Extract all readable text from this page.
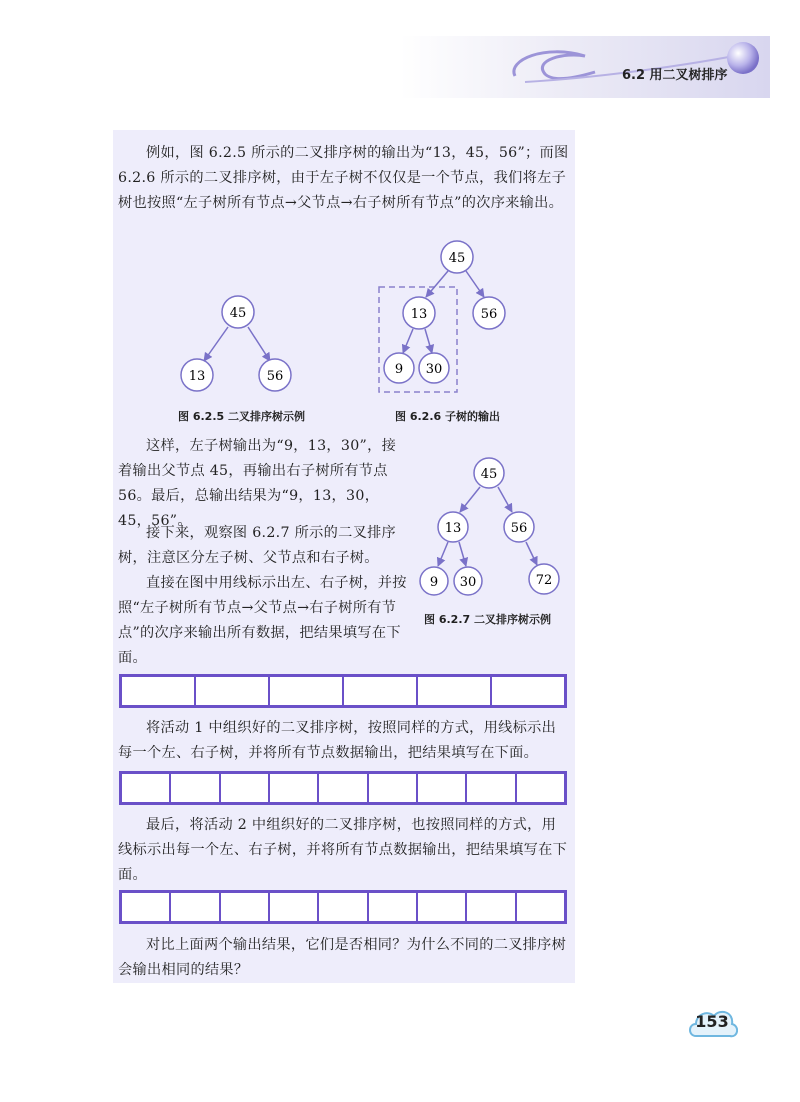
6.2 用二叉树排序

例如，图 6.2.5 所示的二叉排序树的输出为“13，45，56”；而图 6.2.6 所示的二叉排序树，由于左子树不仅仅是一个节点，我们将左子树也按照“左子树所有节点→父节点→右子树所有节点”的次序来输出。

45
13	56
图 6.2.5 二叉排序树示例
45
13	56
9 30
图 6.2.6 子树的输出

这样，左子树输出为“9，13，30”，接着输出父节点 45，再输出右子树所有节点 56。最后，总输出结果为“9，13，30，45，56”。

接下来，观察图 6.2.7 所示的二叉排序树，注意区分左子树、父节点和右子树。

直接在图中用线标示出左、右子树，并按照“左子树所有节点→父节点→右子树所有节点”的次序来输出所有数据，把结果填写在下面。

45
13	56
9 30	72
图 6.2.7 二叉排序树示例

将活动 1 中组织好的二叉排序树，按照同样的方式，用线标示出每一个左、右子树，并将所有节点数据输出，把结果填写在下面。

最后，将活动 2 中组织好的二叉排序树，也按照同样的方式，用线标示出每一个左、右子树，并将所有节点数据输出，把结果填写在下面。

对比上面两个输出结果，它们是否相同？为什么不同的二叉排序树会输出相同的结果？

153
